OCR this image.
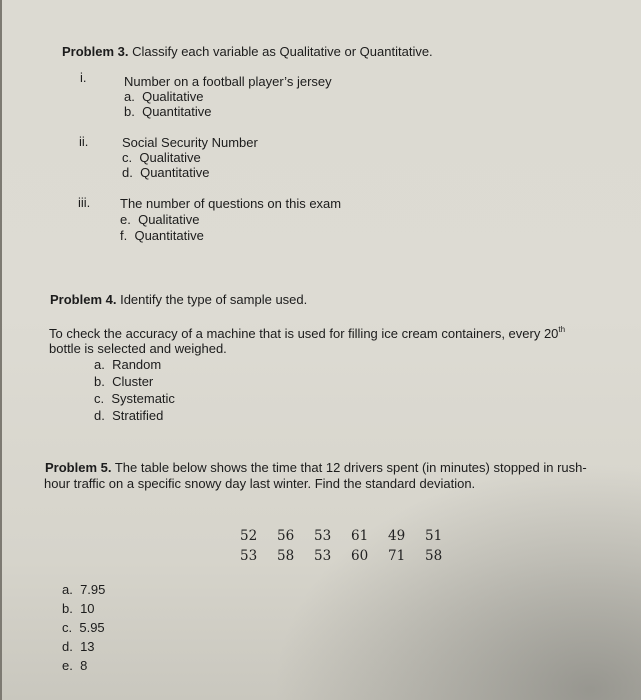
Problem 3. Classify each variable as Qualitative or Quantitative.
i.	Number on a football player’s jersey
a. Qualitative
b. Quantitative
ii.	Social Security Number
c. Qualitative
d. Quantitative
iii. The number of questions on this exam
e. Qualitative
f. Quantitative
Problem 4. Identify the type of sample used.
To check the accuracy of a machine that is used for filling ice cream containers, every 20th
bottle is selected and weighed.
a. Random
b. Cluster
c. Systematic
d. Stratified
Problem 5. The table below shows the time that 12 drivers spent (in minutes) stopped in rush-
hour traffic on a specific snowy day last winter. Find the standard deviation.
52	56	53	61	49	51
53	58	53	60	71	58
a. 7.95
b. 10
c. 5.95
d. 13
e. 8
